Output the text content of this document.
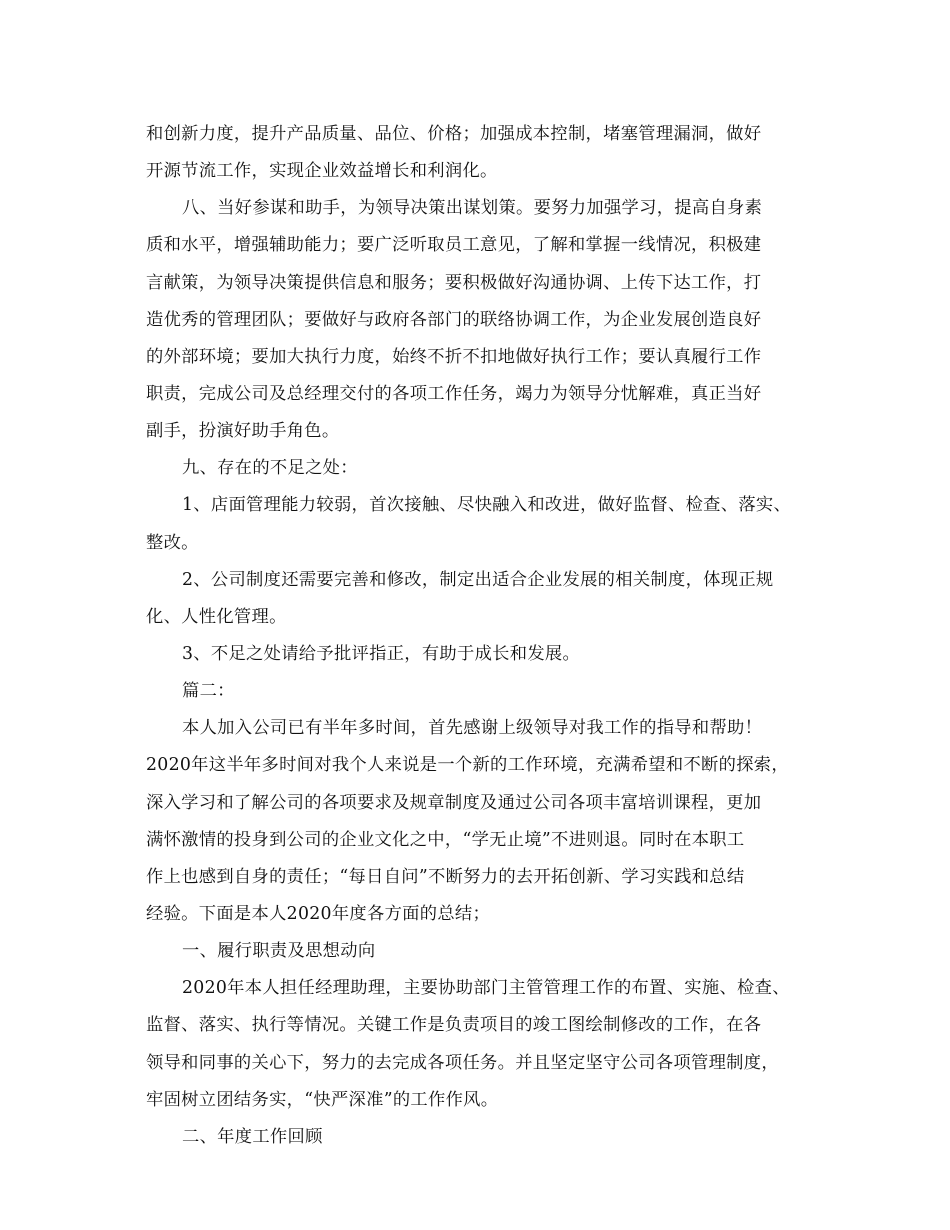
和创新力度，提升产品质量、品位、价格；加强成本控制，堵塞管理漏洞，做好
开源节流工作，实现企业效益增长和利润化。
八、当好参谋和助手，为领导决策出谋划策。要努力加强学习，提高自身素
质和水平，增强辅助能力；要广泛听取员工意见，了解和掌握一线情况，积极建
言献策，为领导决策提供信息和服务；要积极做好沟通协调、上传下达工作，打
造优秀的管理团队；要做好与政府各部门的联络协调工作，为企业发展创造良好
的外部环境；要加大执行力度，始终不折不扣地做好执行工作；要认真履行工作
职责，完成公司及总经理交付的各项工作任务，竭力为领导分忧解难，真正当好
副手，扮演好助手角色。
九、存在的不足之处：
1、店面管理能力较弱，首次接触、尽快融入和改进，做好监督、检查、落实、
整改。
2、公司制度还需要完善和修改，制定出适合企业发展的相关制度，体现正规
化、人性化管理。
3、不足之处请给予批评指正，有助于成长和发展。
篇二：
本人加入公司已有半年多时间，首先感谢上级领导对我工作的指导和帮助！
2020年这半年多时间对我个人来说是一个新的工作环境，充满希望和不断的探索，
深入学习和了解公司的各项要求及规章制度及通过公司各项丰富培训课程，更加
满怀激情的投身到公司的企业文化之中，“学无止境”不进则退。同时在本职工
作上也感到自身的责任；“每日自问”不断努力的去开拓创新、学习实践和总结
经验。下面是本人2020年度各方面的总结；
一、履行职责及思想动向
2020年本人担任经理助理，主要协助部门主管管理工作的布置、实施、检查、
监督、落实、执行等情况。关键工作是负责项目的竣工图绘制修改的工作，在各
领导和同事的关心下，努力的去完成各项任务。并且坚定坚守公司各项管理制度，
牢固树立团结务实，“快严深准”的工作作风。
二、年度工作回顾
